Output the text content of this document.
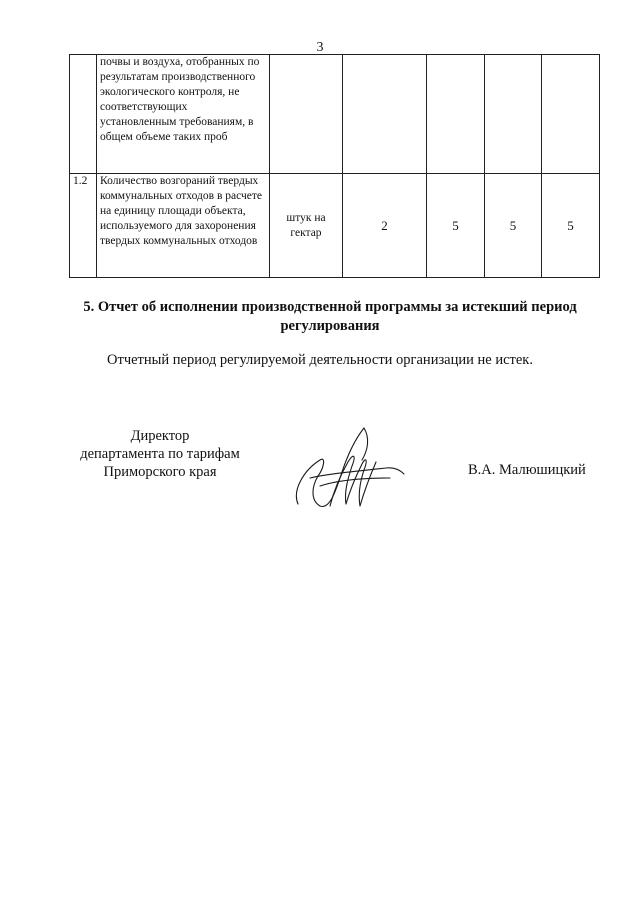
3
	почвы и воздуха, отобранных по результатам производственного экологического контроля, не соответствующих установленным требованиям, в общем объеме таких проб					
1.2	Количество возгораний твердых коммунальных отходов в расчете на единицу площади объекта, используемого для захоронения твердых коммунальных отходов	штук на гектар	2	5	5	5
5. Отчет об исполнении производственной программы за истекший период регулирования
Отчетный период регулируемой деятельности организации не истек.
Директор
департамента по тарифам
Приморского края	В.А. Малюшицкий
